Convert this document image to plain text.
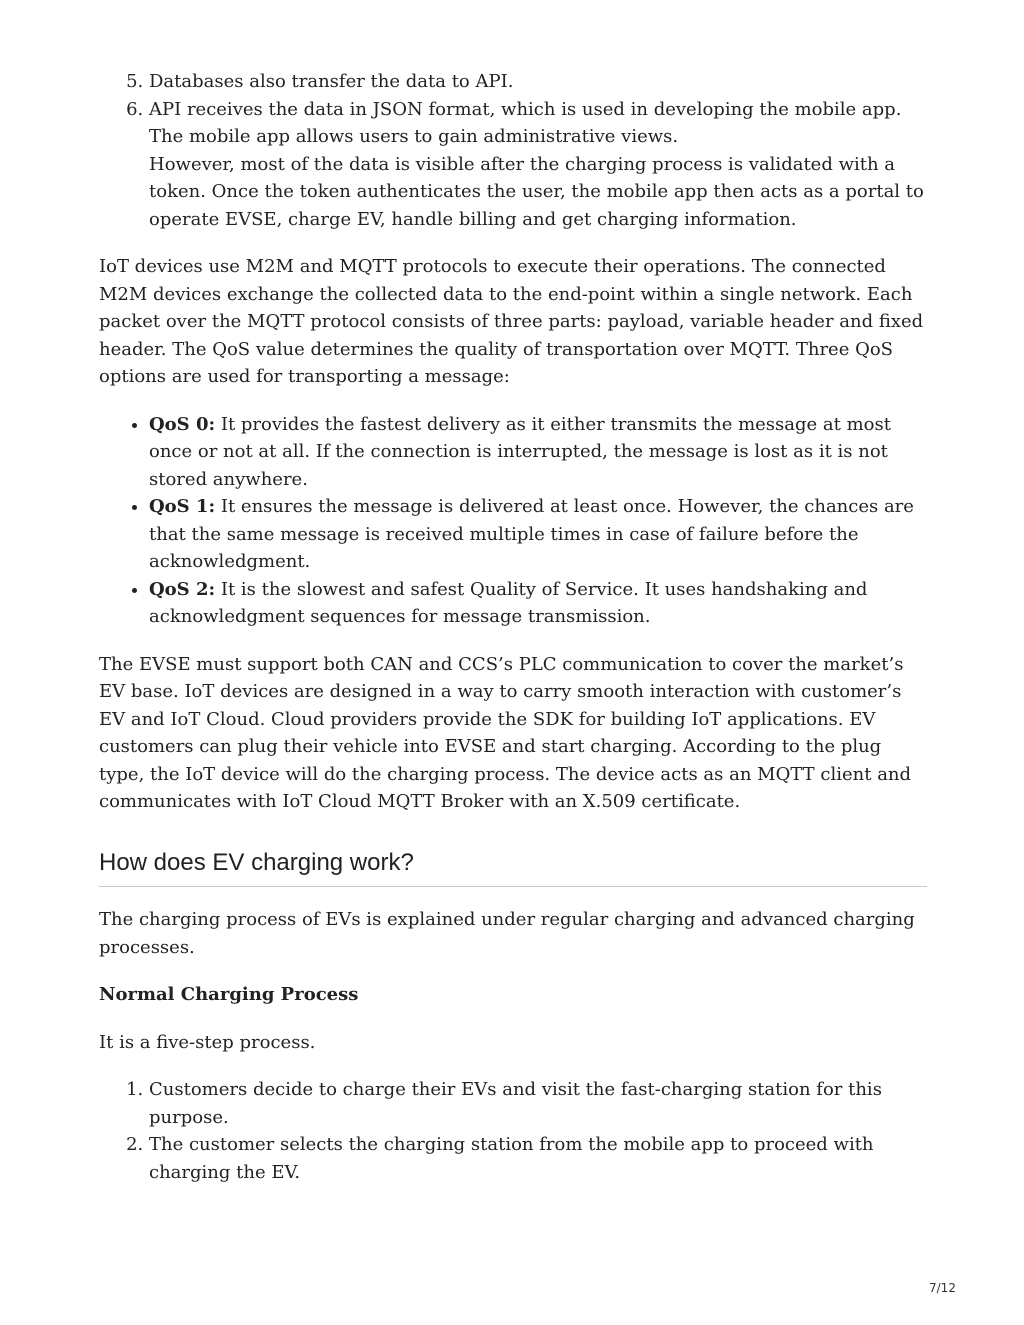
5. Databases also transfer the data to API.
6. API receives the data in JSON format, which is used in developing the mobile app. The mobile app allows users to gain administrative views.
However, most of the data is visible after the charging process is validated with a token. Once the token authenticates the user, the mobile app then acts as a portal to operate EVSE, charge EV, handle billing and get charging information.

IoT devices use M2M and MQTT protocols to execute their operations. The connected M2M devices exchange the collected data to the end-point within a single network. Each packet over the MQTT protocol consists of three parts: payload, variable header and fixed header. The QoS value determines the quality of transportation over MQTT. Three QoS options are used for transporting a message:

• QoS 0: It provides the fastest delivery as it either transmits the message at most once or not at all. If the connection is interrupted, the message is lost as it is not stored anywhere.
• QoS 1: It ensures the message is delivered at least once. However, the chances are that the same message is received multiple times in case of failure before the acknowledgment.
• QoS 2: It is the slowest and safest Quality of Service. It uses handshaking and acknowledgment sequences for message transmission.

The EVSE must support both CAN and CCS’s PLC communication to cover the market’s EV base. IoT devices are designed in a way to carry smooth interaction with customer’s EV and IoT Cloud. Cloud providers provide the SDK for building IoT applications. EV customers can plug their vehicle into EVSE and start charging. According to the plug type, the IoT device will do the charging process. The device acts as an MQTT client and communicates with IoT Cloud MQTT Broker with an X.509 certificate.

How does EV charging work?

The charging process of EVs is explained under regular charging and advanced charging processes.

Normal Charging Process

It is a five-step process.

1. Customers decide to charge their EVs and visit the fast-charging station for this purpose.
2. The customer selects the charging station from the mobile app to proceed with charging the EV.
7/12
